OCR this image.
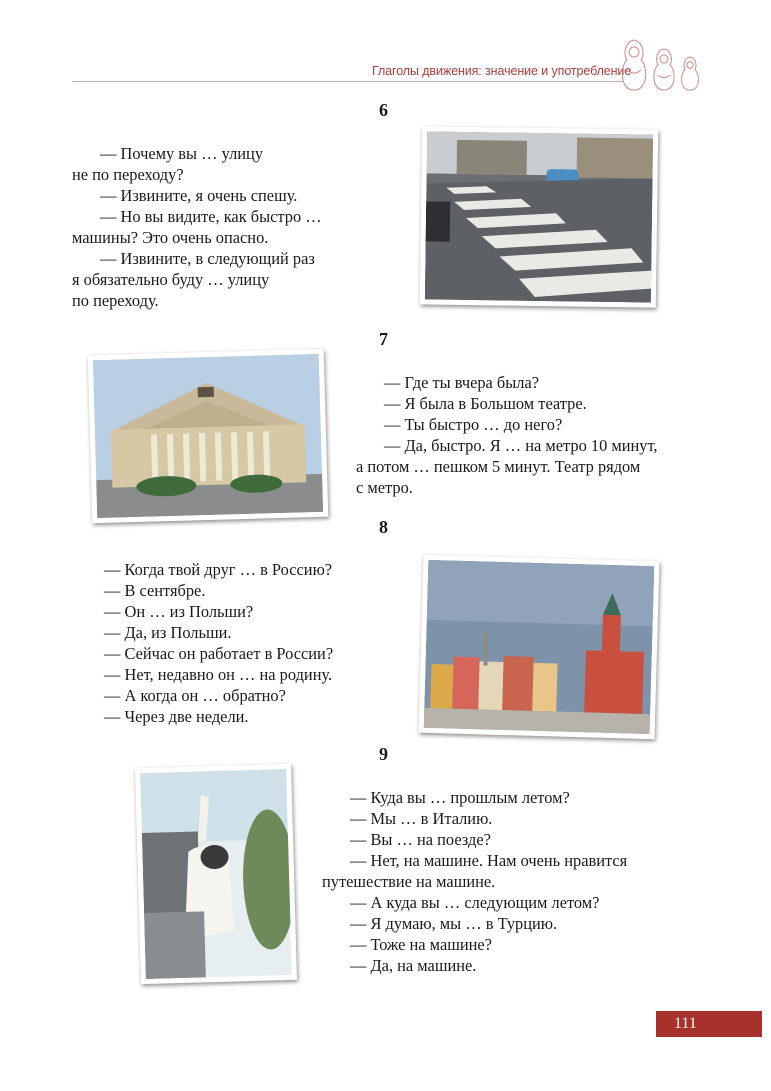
Глаголы движения: значение и употребление
6
— Почему вы … улицу
не по переходу?
— Извините, я очень спешу.
— Но вы видите, как быстро …
машины? Это очень опасно.
— Извините, в следующий раз
я обязательно буду … улицу
по переходу.
7
— Где ты вчера была?
— Я была в Большом театре.
— Ты быстро … до него?
— Да, быстро. Я … на метро 10 минут,
а потом … пешком 5 минут. Театр рядом
с метро.
8
— Когда твой друг … в Россию?
— В сентябре.
— Он … из Польши?
— Да, из Польши.
— Сейчас он работает в России?
— Нет, недавно он … на родину.
— А когда он … обратно?
— Через две недели.
9
— Куда вы … прошлым летом?
— Мы … в Италию.
— Вы … на поезде?
— Нет, на машине. Нам очень нравится
путешествие на машине.
— А куда вы … следующим летом?
— Я думаю, мы … в Турцию.
— Тоже на машине?
— Да, на машине.
111
